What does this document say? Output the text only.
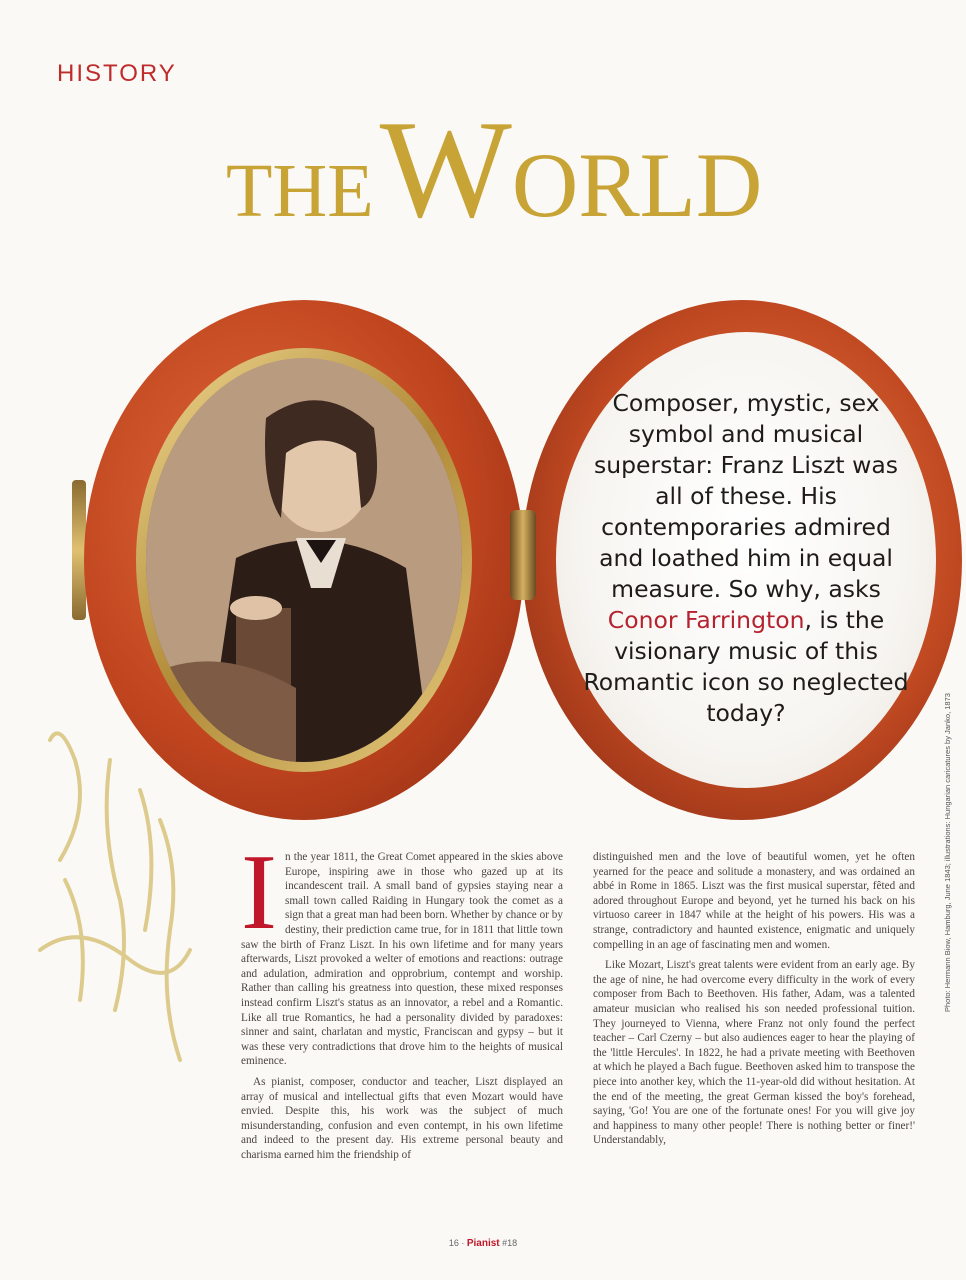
HISTORY
THEWORLD
Composer, mystic, sex symbol and musical superstar: Franz Liszt was all of these. His contemporaries admired and loathed him in equal measure. So why, asks Conor Farrington, is the visionary music of this Romantic icon so neglected today?

In the year 1811, the Great Comet appeared in the skies above Europe, inspiring awe in those who gazed up at its incandescent trail. A small band of gypsies staying near a small town called Raiding in Hungary took the comet as a sign that a great man had been born. Whether by chance or by destiny, their prediction came true, for in 1811 that little town saw the birth of Franz Liszt. In his own lifetime and for many years afterwards, Liszt provoked a welter of emotions and reactions: outrage and adulation, admiration and opprobrium, contempt and worship. Rather than calling his greatness into question, these mixed responses instead confirm Liszt's status as an innovator, a rebel and a Romantic. Like all true Romantics, he had a personality divided by paradoxes: sinner and saint, charlatan and mystic, Franciscan and gypsy – but it was these very contradictions that drove him to the heights of musical eminence.

As pianist, composer, conductor and teacher, Liszt displayed an array of musical and intellectual gifts that even Mozart would have envied. Despite this, his work was the subject of much misunderstanding, confusion and even contempt, in his own lifetime and indeed to the present day. His extreme personal beauty and charisma earned him the friendship of

distinguished men and the love of beautiful women, yet he often yearned for the peace and solitude a monastery, and was ordained an abbé in Rome in 1865. Liszt was the first musical superstar, fêted and adored throughout Europe and beyond, yet he turned his back on his virtuoso career in 1847 while at the height of his powers. His was a strange, contradictory and haunted existence, enigmatic and uniquely compelling in an age of fascinating men and women.

Like Mozart, Liszt's great talents were evident from an early age. By the age of nine, he had overcome every difficulty in the work of every composer from Bach to Beethoven. His father, Adam, was a talented amateur musician who realised his son needed professional tuition. They journeyed to Vienna, where Franz not only found the perfect teacher – Carl Czerny – but also audiences eager to hear the playing of the 'little Hercules'. In 1822, he had a private meeting with Beethoven at which he played a Bach fugue. Beethoven asked him to transpose the piece into another key, which the 11-year-old did without hesitation. At the end of the meeting, the great German kissed the boy's forehead, saying, 'Go! You are one of the fortunate ones! For you will give joy and happiness to many other people! There is nothing better or finer!' Understandably,

Photo: Hermann Biow, Hamburg, June 1843; illustrations: Hungarian caricatures by Janko, 1873
16 · Pianist #18
